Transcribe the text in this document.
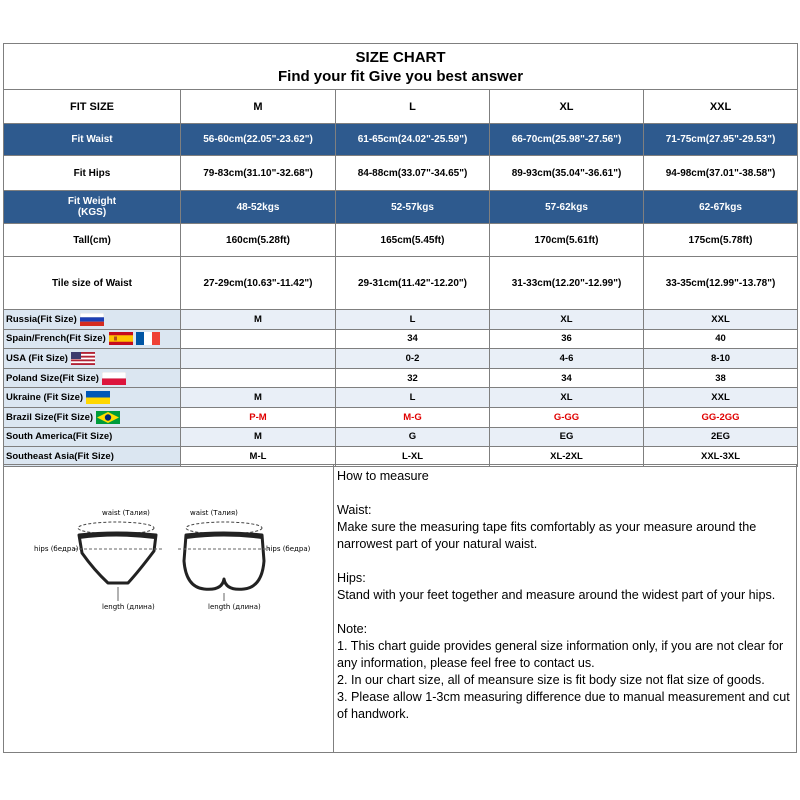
SIZE CHART
Find your fit Give you best answer				

FIT SIZE	M	L	XL	XXL
Fit Waist	56-60cm(22.05"-23.62")	61-65cm(24.02"-25.59")	66-70cm(25.98"-27.56")	71-75cm(27.95"-29.53")
Fit Hips	79-83cm(31.10"-32.68")	84-88cm(33.07"-34.65")	89-93cm(35.04"-36.61")	94-98cm(37.01"-38.58")

Fit Weight
(KGS)	48-52kgs	52-57kgs	57-62kgs	62-67kgs
Tall(cm)	160cm(5.28ft)	165cm(5.45ft)	170cm(5.61ft)	175cm(5.78ft)
Tile size of Waist	27-29cm(10.63"-11.42")	29-31cm(11.42"-12.20")	31-33cm(12.20"-12.99")	33-35cm(12.99"-13.78")
Russia(Fit Size)	M	L	XL	XXL
Spain/French(Fit Size)		34	36	40
USA (Fit Size)		0-2	4-6	8-10
Poland Size(Fit Size)		32	34	38
Ukraine (Fit Size)	M	L	XL	XXL
Brazil Size(Fit Size)	P-M	M-G	G-GG	GG-2GG
South America(Fit Size)	M	G	EG	2EG
Southeast Asia(Fit Size)	M-L	L-XL	XL-2XL	XXL-3XL
waist (Талия)	waist (Талия)
hips (бедра)	hips (бедра)
length (длина)	length (длина)

How to measure

Waist:

Make sure the measuring tape fits comfortably as your measure around the narrowest part of your natural waist.

Hips:

Stand with your feet together and measure around the widest part of your hips.

Note:

1. This chart guide provides general size information only, if you are not clear for any information, please feel free to contact us.

2. In our chart size, all of meansure size is fit body size not flat size of goods.

3. Please allow 1-3cm measuring difference due to manual measurement and cut of handwork.
